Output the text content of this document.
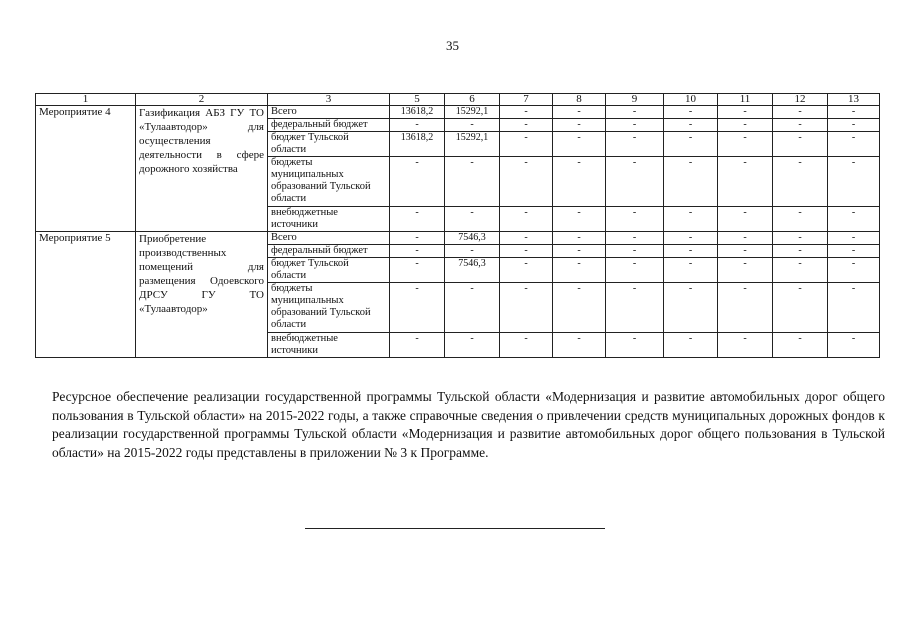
35
1	2	3	5	6	7	8	9	10	11	12	13
Мероприятие 4	Газификация АБЗ ГУ ТО «Тулаавтодор» для осуществления деятельности в сфере дорожного хозяйства	Всего	13618,2	15292,1	-	-	-	-	-	-	-
		федеральный бюджет	-	-	-	-	-	-	-	-	-
		бюджет Тульской области	13618,2	15292,1	-	-	-	-	-	-	-
		бюджеты муниципальных образований Тульской области	-	-	-	-	-	-	-	-	-
		внебюджетные источники	-	-	-	-	-	-	-	-	-
Мероприятие 5	Приобретение производственных помещений для размещения Одоевского ДРСУ ГУ ТО «Тулаавтодор»	Всего	-	7546,3	-	-	-	-	-	-	-
		федеральный бюджет	-	-	-	-	-	-	-	-	-
		бюджет Тульской области	-	7546,3	-	-	-	-	-	-	-
		бюджеты муниципальных образований Тульской области	-	-	-	-	-	-	-	-	-
		внебюджетные источники	-	-	-	-	-	-	-	-	-
Ресурсное обеспечение реализации государственной программы Тульской области «Модернизация и развитие автомобильных дорог общего пользования в Тульской области» на 2015-2022 годы, а также справочные сведения о привлечении средств муниципальных дорожных фондов к реализации государственной программы Тульской области «Модернизация и развитие автомобильных дорог общего пользования в Тульской области» на 2015-2022 годы представлены в приложении № 3 к Программе.
